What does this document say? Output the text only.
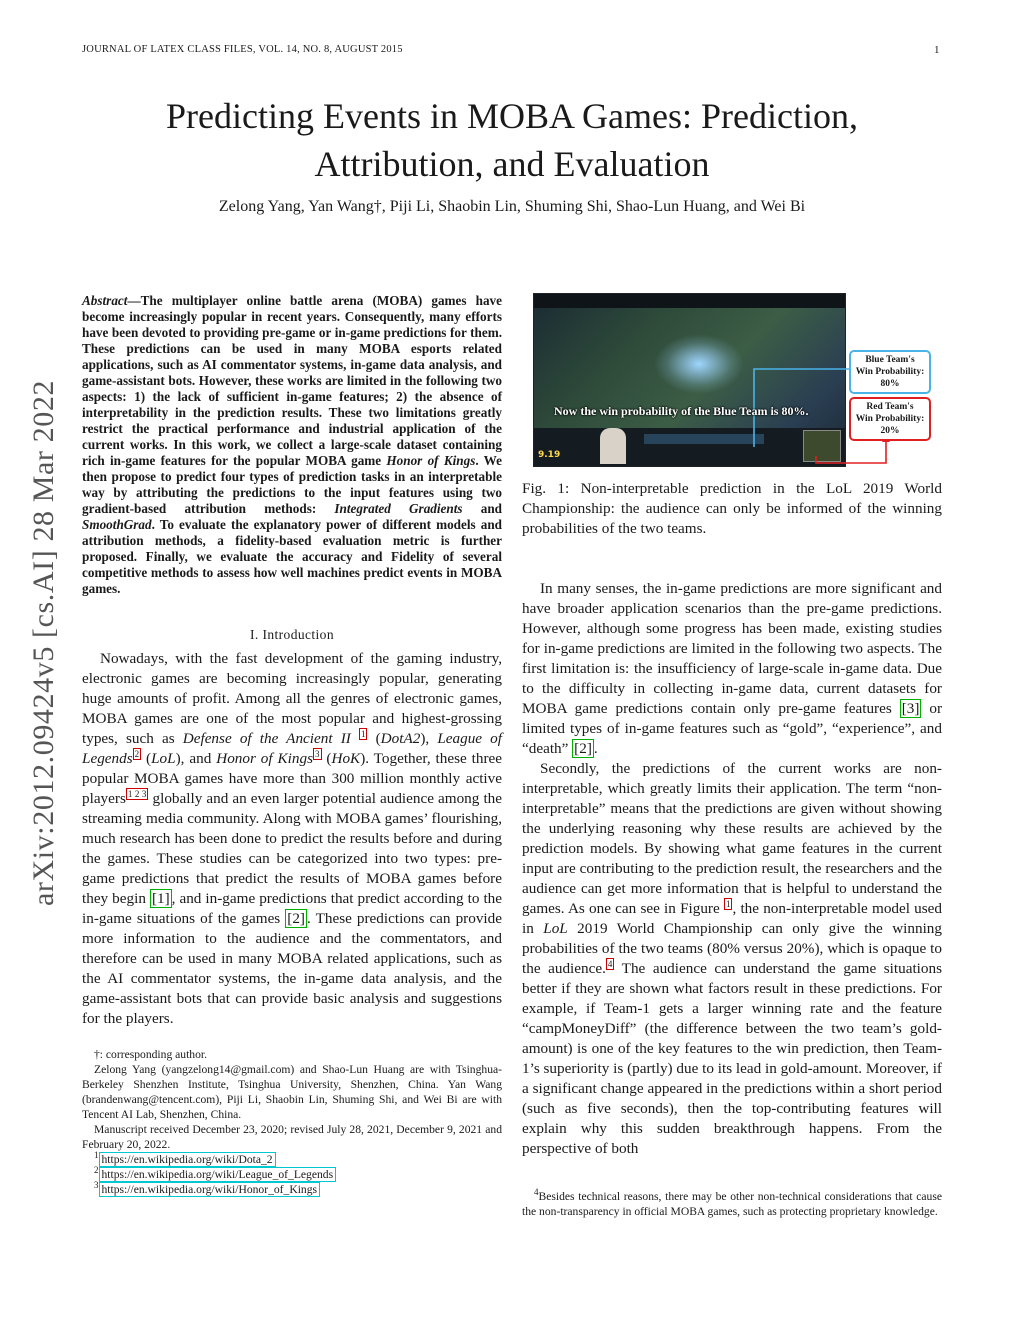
JOURNAL OF LATEX CLASS FILES, VOL. 14, NO. 8, AUGUST 2015	1
arXiv:2012.09424v5 [cs.AI] 28 Mar 2022
Predicting Events in MOBA Games: Prediction, Attribution, and Evaluation
Zelong Yang, Yan Wang†, Piji Li, Shaobin Lin, Shuming Shi, Shao-Lun Huang, and Wei Bi

Abstract—The multiplayer online battle arena (MOBA) games have become increasingly popular in recent years. Consequently, many efforts have been devoted to providing pre-game or in-game predictions for them. These predictions can be used in many MOBA esports related applications, such as AI commentator systems, in-game data analysis, and game-assistant bots. However, these works are limited in the following two aspects: 1) the lack of sufficient in-game features; 2) the absence of interpretability in the prediction results. These two limitations greatly restrict the practical performance and industrial application of the current works. In this work, we collect a large-scale dataset containing rich in-game features for the popular MOBA game Honor of Kings. We then propose to predict four types of prediction tasks in an interpretable way by attributing the predictions to the input features using two gradient-based attribution methods: Integrated Gradients and SmoothGrad. To evaluate the explanatory power of different models and attribution methods, a fidelity-based evaluation metric is further proposed. Finally, we evaluate the accuracy and Fidelity of several competitive methods to assess how well machines predict events in MOBA games.

I. Introduction

Nowadays, with the fast development of the gaming industry, electronic games are becoming increasingly popular, generating huge amounts of profit. Among all the genres of electronic games, MOBA games are one of the most popular and highest-grossing types, such as Defense of the Ancient II $^1$ (DotA2), League of Legends $^2$ (LoL), and Honor of Kings $^3$ (HoK). Together, these three popular MOBA games have more than 300 million monthly active players $^{1 2 3}$ globally and an even larger potential audience among the streaming media community. Along with MOBA games’ flourishing, much research has been done to predict the results before and during the games. These studies can be categorized into two types: pre-game predictions that predict the results of MOBA games before they begin [1] , and in-game predictions that predict according to the in-game situations of the games [2] . These predictions can provide more information to the audience and the commentators, and therefore can be used in many MOBA related applications, such as the AI commentator systems, the in-game data analysis, and the game-assistant bots that can provide basic analysis and suggestions for the players.

†: corresponding author.

Zelong Yang (yangzelong14@gmail.com) and Shao-Lun Huang are with Tsinghua-Berkeley Shenzhen Institute, Tsinghua University, Shenzhen, China. Yan Wang (brandenwang@tencent.com), Piji Li, Shaobin Lin, Shuming Shi, and Wei Bi are with Tencent AI Lab, Shenzhen, China.

Manuscript received December 23, 2020; revised July 28, 2021, December 9, 2021 and February 20, 2022.

$^1$ https://en.wikipedia.org/wiki/Dota_2

$^2$ https://en.wikipedia.org/wiki/League_of_Legends

$^3$ https://en.wikipedia.org/wiki/Honor_of_Kings

9.19
Now the win probability of the Blue Team is 80%.
Blue Team's
Win Probability:
80%
Red Team's
Win Probability:
20%

Fig. 1: Non-interpretable prediction in the LoL 2019 World Championship: the audience can only be informed of the winning probabilities of the two teams.

In many senses, the in-game predictions are more significant and have broader application scenarios than the pre-game predictions. However, although some progress has been made, existing studies for in-game predictions are limited in the following two aspects. The first limitation is: the insufficiency of large-scale in-game data. Due to the difficulty in collecting in-game data, current datasets for MOBA game predictions contain only pre-game features [3] or limited types of in-game features such as “gold”, “experience”, and “death” [2] .

Secondly, the predictions of the current works are non-interpretable, which greatly limits their application. The term “non-interpretable” means that the predictions are given without showing the underlying reasoning why these results are achieved by the prediction models. By showing what game features in the current input are contributing to the prediction result, the researchers and the audience can get more information that is helpful to understand the games. As one can see in Figure $^1$ , the non-interpretable model used in LoL 2019 World Championship can only give the winning probabilities of the two teams (80% versus 20%), which is opaque to the audience. $^4$ The audience can understand the game situations better if they are shown what factors result in these predictions. For example, if Team-1 gets a larger winning rate and the feature “campMoneyDiff” (the difference between the two team’s gold-amount) is one of the key features to the win prediction, then Team-1’s superiority is (partly) due to its lead in gold-amount. Moreover, if a significant change appeared in the predictions within a short period (such as five seconds), then the top-contributing features will explain why this sudden breakthrough happens. From the perspective of both

$^4$Besides technical reasons, there may be other non-technical considerations that cause the non-transparency in official MOBA games, such as protecting proprietary knowledge.
